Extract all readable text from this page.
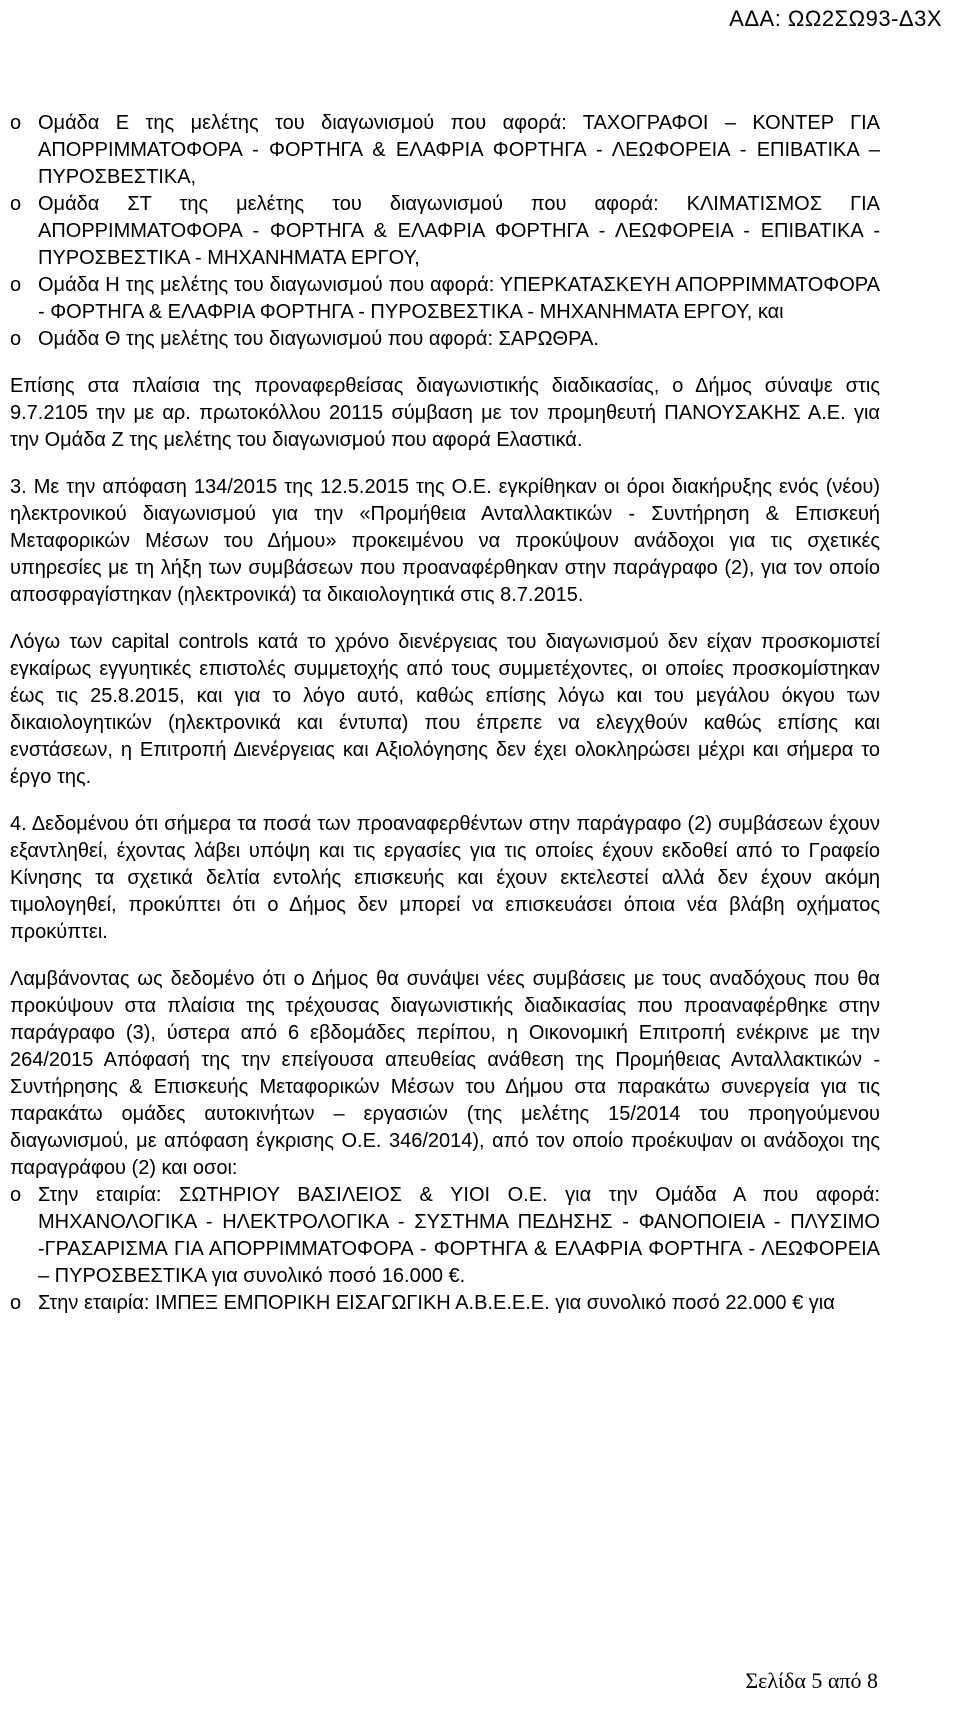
ΑΔΑ: ΩΩ2ΣΩ93-Δ3Χ
o Ομάδα Ε της μελέτης του διαγωνισμού που αφορά: ΤΑΧΟΓΡΑΦΟΙ – ΚΟΝΤΕΡ ΓΙΑ ΑΠΟΡΡΙΜΜΑΤΟΦΟΡΑ - ΦΟΡΤΗΓΑ & ΕΛΑΦΡΙΑ ΦΟΡΤΗΓΑ - ΛΕΩΦΟΡΕΙΑ - ΕΠΙΒΑΤΙΚΑ – ΠΥΡΟΣΒΕΣΤΙΚΑ,
o Ομάδα ΣΤ της μελέτης του διαγωνισμού που αφορά: ΚΛΙΜΑΤΙΣΜΟΣ ΓΙΑ ΑΠΟΡΡΙΜΜΑΤΟΦΟΡΑ - ΦΟΡΤΗΓΑ & ΕΛΑΦΡΙΑ ΦΟΡΤΗΓΑ - ΛΕΩΦΟΡΕΙΑ - ΕΠΙΒΑΤΙΚΑ - ΠΥΡΟΣΒΕΣΤΙΚΑ - ΜΗΧΑΝΗΜΑΤΑ ΕΡΓΟΥ,
o Ομάδα Η της μελέτης του διαγωνισμού που αφορά: ΥΠΕΡΚΑΤΑΣΚΕΥΗ ΑΠΟΡΡΙΜΜΑΤΟΦΟΡΑ - ΦΟΡΤΗΓΑ & ΕΛΑΦΡΙΑ ΦΟΡΤΗΓΑ - ΠΥΡΟΣΒΕΣΤΙΚΑ - ΜΗΧΑΝΗΜΑΤΑ ΕΡΓΟΥ, και
o Ομάδα Θ της μελέτης του διαγωνισμού που αφορά: ΣΑΡΩΘΡΑ.

Επίσης στα πλαίσια της προναφερθείσας διαγωνιστικής διαδικασίας, ο Δήμος σύναψε στις 9.7.2105 την με αρ. πρωτοκόλλου 20115 σύμβαση με τον προμηθευτή ΠΑΝΟΥΣΑΚΗΣ Α.Ε. για την Ομάδα Ζ της μελέτης του διαγωνισμού που αφορά Ελαστικά.

3. Με την απόφαση 134/2015 της 12.5.2015 της Ο.Ε. εγκρίθηκαν οι όροι διακήρυξης ενός (νέου) ηλεκτρονικού διαγωνισμού για την «Προμήθεια Ανταλλακτικών - Συντήρηση & Επισκευή Μεταφορικών Μέσων του Δήμου» προκειμένου να προκύψουν ανάδοχοι για τις σχετικές υπηρεσίες με τη λήξη των συμβάσεων που προαναφέρθηκαν στην παράγραφο (2), για τον οποίο αποσφραγίστηκαν (ηλεκτρονικά) τα δικαιολογητικά στις 8.7.2015.

Λόγω των capital controls κατά το χρόνο διενέργειας του διαγωνισμού δεν είχαν προσκομιστεί εγκαίρως εγγυητικές επιστολές συμμετοχής από τους συμμετέχοντες, οι οποίες προσκομίστηκαν έως τις 25.8.2015, και για το λόγο αυτό, καθώς επίσης λόγω και του μεγάλου όκγου των δικαιολογητικών (ηλεκτρονικά και έντυπα) που έπρεπε να ελεγχθούν καθώς επίσης και ενστάσεων, η Επιτροπή Διενέργειας και Αξιολόγησης δεν έχει ολοκληρώσει μέχρι και σήμερα το έργο της.

4. Δεδομένου ότι σήμερα τα ποσά των προαναφερθέντων στην παράγραφο (2) συμβάσεων έχουν εξαντληθεί, έχοντας λάβει υπόψη και τις εργασίες για τις οποίες έχουν εκδοθεί από το Γραφείο Κίνησης τα σχετικά δελτία εντολής επισκευής και έχουν εκτελεστεί αλλά δεν έχουν ακόμη τιμολογηθεί, προκύπτει ότι ο Δήμος δεν μπορεί να επισκευάσει όποια νέα βλάβη οχήματος προκύπτει.

Λαμβάνοντας ως δεδομένο ότι ο Δήμος θα συνάψει νέες συμβάσεις με τους αναδόχους που θα προκύψουν στα πλαίσια της τρέχουσας διαγωνιστικής διαδικασίας που προαναφέρθηκε στην παράγραφο (3), ύστερα από 6 εβδομάδες περίπου, η Οικονομική Επιτροπή ενέκρινε με την 264/2015 Απόφασή της την επείγουσα απευθείας ανάθεση της Προμήθειας Ανταλλακτικών - Συντήρησης & Επισκευής Μεταφορικών Μέσων του Δήμου στα παρακάτω συνεργεία για τις παρακάτω ομάδες αυτοκινήτων – εργασιών (της μελέτης 15/2014 του προηγούμενου διαγωνισμού, με απόφαση έγκρισης Ο.Ε. 346/2014), από τον οποίο προέκυψαν οι ανάδοχοι της παραγράφου (2) και οσοι:

o Στην εταιρία: ΣΩΤΗΡΙΟΥ ΒΑΣΙΛΕΙΟΣ & ΥΙΟΙ Ο.Ε. για την Ομάδα Α που αφορά: ΜΗΧΑΝΟΛΟΓΙΚΑ - ΗΛΕΚΤΡΟΛΟΓΙΚΑ - ΣΥΣΤΗΜΑ ΠΕΔΗΣΗΣ - ΦΑΝΟΠΟΙΕΙΑ - ΠΛΥΣΙΜΟ -ΓΡΑΣΑΡΙΣΜΑ ΓΙΑ ΑΠΟΡΡΙΜΜΑΤΟΦΟΡΑ - ΦΟΡΤΗΓΑ & ΕΛΑΦΡΙΑ ΦΟΡΤΗΓΑ - ΛΕΩΦΟΡΕΙΑ – ΠΥΡΟΣΒΕΣΤΙΚΑ για συνολικό ποσό 16.000 €.
o Στην εταιρία: ΙΜΠΕΞ ΕΜΠΟΡΙΚΗ ΕΙΣΑΓΩΓΙΚΗ Α.Β.Ε.Ε.Ε. για συνολικό ποσό 22.000 € για
Σελίδα 5 από 8
